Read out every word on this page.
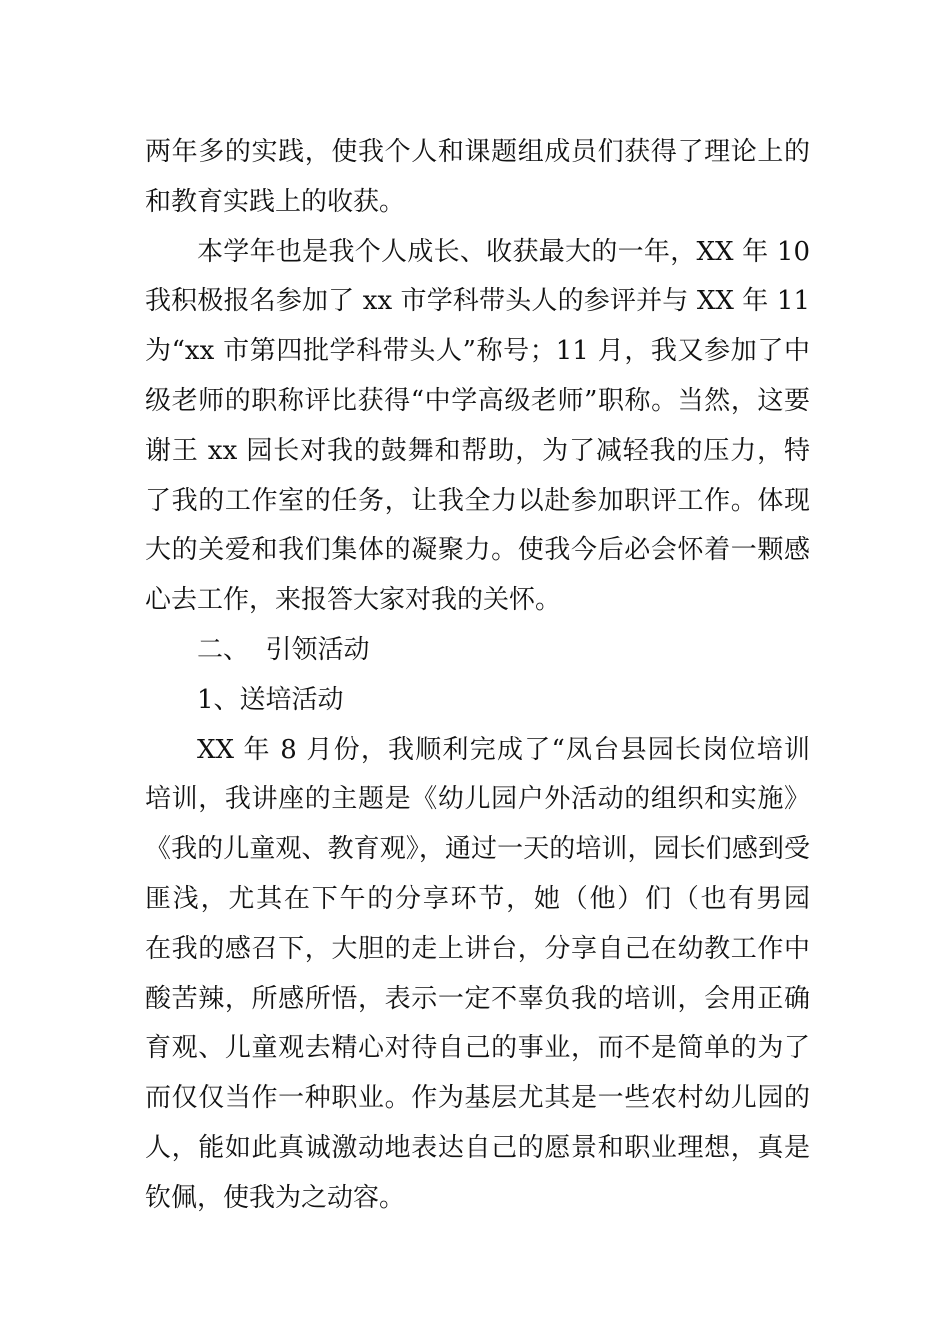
两年多的实践，使我个人和课题组成员们获得了理论上的
和教育实践上的收获。
本学年也是我个人成长、收获最大的一年，XX 年 10
我积极报名参加了 xx 市学科带头人的参评并与 XX 年 11
为“xx 市第四批学科带头人”称号；11 月，我又参加了中
级老师的职称评比获得“中学高级老师”职称。当然，这要
谢王 xx 园长对我的鼓舞和帮助，为了减轻我的压力，特
了我的工作室的任务，让我全力以赴参加职评工作。体现
大的关爱和我们集体的凝聚力。使我今后必会怀着一颗感
心去工作，来报答大家对我的关怀。
二、  引领活动
1、送培活动
XX 年 8 月份，我顺利完成了“凤台县园长岗位培训
培训，我讲座的主题是《幼儿园户外活动的组织和实施》
《我的儿童观、教育观》，通过一天的培训，园长们感到受
匪浅，尤其在下午的分享环节，她（他）们（也有男园
在我的感召下，大胆的走上讲台，分享自己在幼教工作中
酸苦辣，所感所悟，表示一定不辜负我的培训，会用正确
育观、儿童观去精心对待自己的事业，而不是简单的为了
而仅仅当作一种职业。作为基层尤其是一些农村幼儿园的
人，能如此真诚激动地表达自己的愿景和职业理想，真是
钦佩，使我为之动容。
